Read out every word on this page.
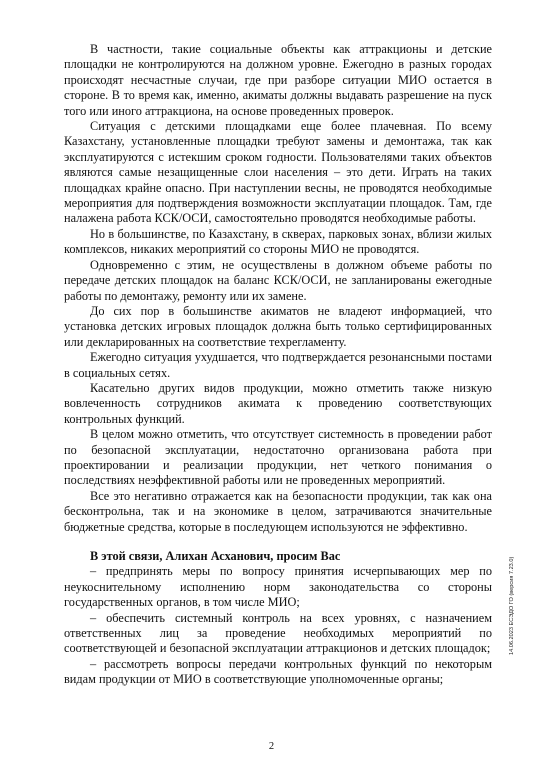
В частности, такие социальные объекты как аттракционы и детские площадки не контролируются на должном уровне. Ежегодно в разных городах происходят несчастные случаи, где при разборе ситуации МИО остается в стороне. В то время как, именно, акиматы должны выдавать разрешение на пуск того или иного аттракциона, на основе проведенных проверок.

Ситуация с детскими площадками еще более плачевная. По всему Казахстану, установленные площадки требуют замены и демонтажа, так как эксплуатируются с истекшим сроком годности. Пользователями таких объектов являются самые незащищенные слои населения – это дети. Играть на таких площадках крайне опасно. При наступлении весны, не проводятся необходимые мероприятия для подтверждения возможности эксплуатации площадок. Там, где налажена работа КСК/ОСИ, самостоятельно проводятся необходимые работы.

Но в большинстве, по Казахстану, в скверах, парковых зонах, вблизи жилых комплексов, никаких мероприятий со стороны МИО не проводятся.

Одновременно с этим, не осуществлены в должном объеме работы по передаче детских площадок на баланс КСК/ОСИ, не запланированы ежегодные работы по демонтажу, ремонту или их замене.

До сих пор в большинстве акиматов не владеют информацией, что установка детских игровых площадок должна быть только сертифицированных или декларированных на соответствие техрегламенту.

Ежегодно ситуация ухудшается, что подтверждается резонансными постами в социальных сетях.

Касательно других видов продукции, можно отметить также низкую вовлеченность сотрудников акимата к проведению соответствующих контрольных функций.

В целом можно отметить, что отсутствует системность в проведении работ по безопасной эксплуатации, недостаточно организована работа при проектировании и реализации продукции, нет четкого понимания о последствиях неэффективной работы или не проведенных мероприятий.

Все это негативно отражается как на безопасности продукции, так как она бесконтрольна, так и на экономике в целом, затрачиваются значительные бюджетные средства, которые в последующем используются не эффективно.

В этой связи, Алихан Асханович, просим Вас

– предпринять меры по вопросу принятия исчерпывающих мер по неукоснительному исполнению норм законодательства со стороны государственных органов, в том числе МИО;

– обеспечить системный контроль на всех уровнях, с назначением ответственных лиц за проведение необходимых мероприятий по соответствующей и безопасной эксплуатации аттракционов и детских площадок;

– рассмотреть вопросы передачи контрольных функций по некоторым видам продукции от МИО в соответствующие уполномоченные органы;

2
14.06.2023 ЕСЭДО ГО (версия 7.23.0)
